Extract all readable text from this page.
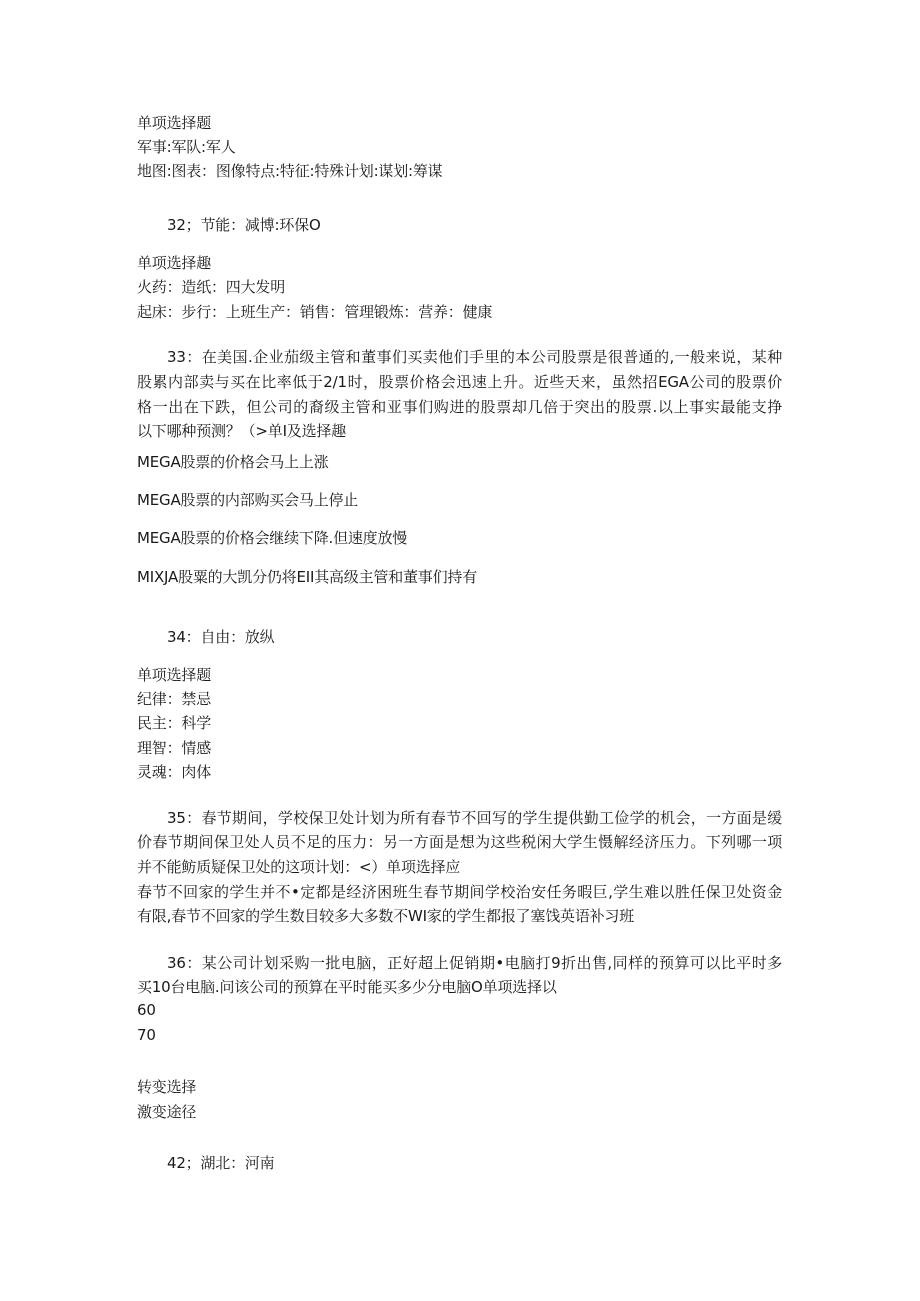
单项选择题
军事:军队:军人
地图:图表：图像特点:特征:特殊计划:谋划:筹谋
32；节能：减博:环保O
单项选择趣
火药：造纸：四大发明
起床：步行：上班生产：销售：管理锻炼：营养：健康
33：在美国.企业茄级主管和董事们买卖他们手里的本公司股票是很普通的,一般来说，某种
股累内部卖与买在比率低于2/1时，股票价格会迅速上升。近些天来，虽然招EGA公司的股票价
格一出在下跌，但公司的裔级主管和亚事们购进的股票却几倍于突出的股票.以上事实最能支挣
以下哪种预测？（>单I及选择趣
MEGA股票的价格会马上上涨
MEGA股票的内部购买会马上停止
MEGA股票的价格会继续下降.但速度放慢
MIXJA股粟的大凯分仍将EII其高级主管和董事们持有
34：自由：放纵
单项选择题
纪律：禁忌
民主：科学
理智：情感
灵魂：肉体
35：春节期间，学校保卫处计划为所有春节不回写的学生提供勤工俭学的机会，一方面是缓
价春节期间保卫处人员不足的压力：另一方面是想为这些税闲大学生慑解经济压力。下列哪一项
并不能鲂质疑保卫处的这项计划：<）单项选择应
春节不回家的学生并不•定都是经济困班生春节期间学校治安任务暇巨,学生难以胜任保卫处资金
有限,春节不回家的学生数目较多大多数不WI家的学生都报了塞饯英语补习班
36：某公司计划采购一批电脑，正好超上促销期•电脑打9折出售,同样的预算可以比平时多
买10台电脑.问该公司的预算在平时能买多少分电脑O单项选择以
60
70
转变选择
激变途径
42；湖北：河南
